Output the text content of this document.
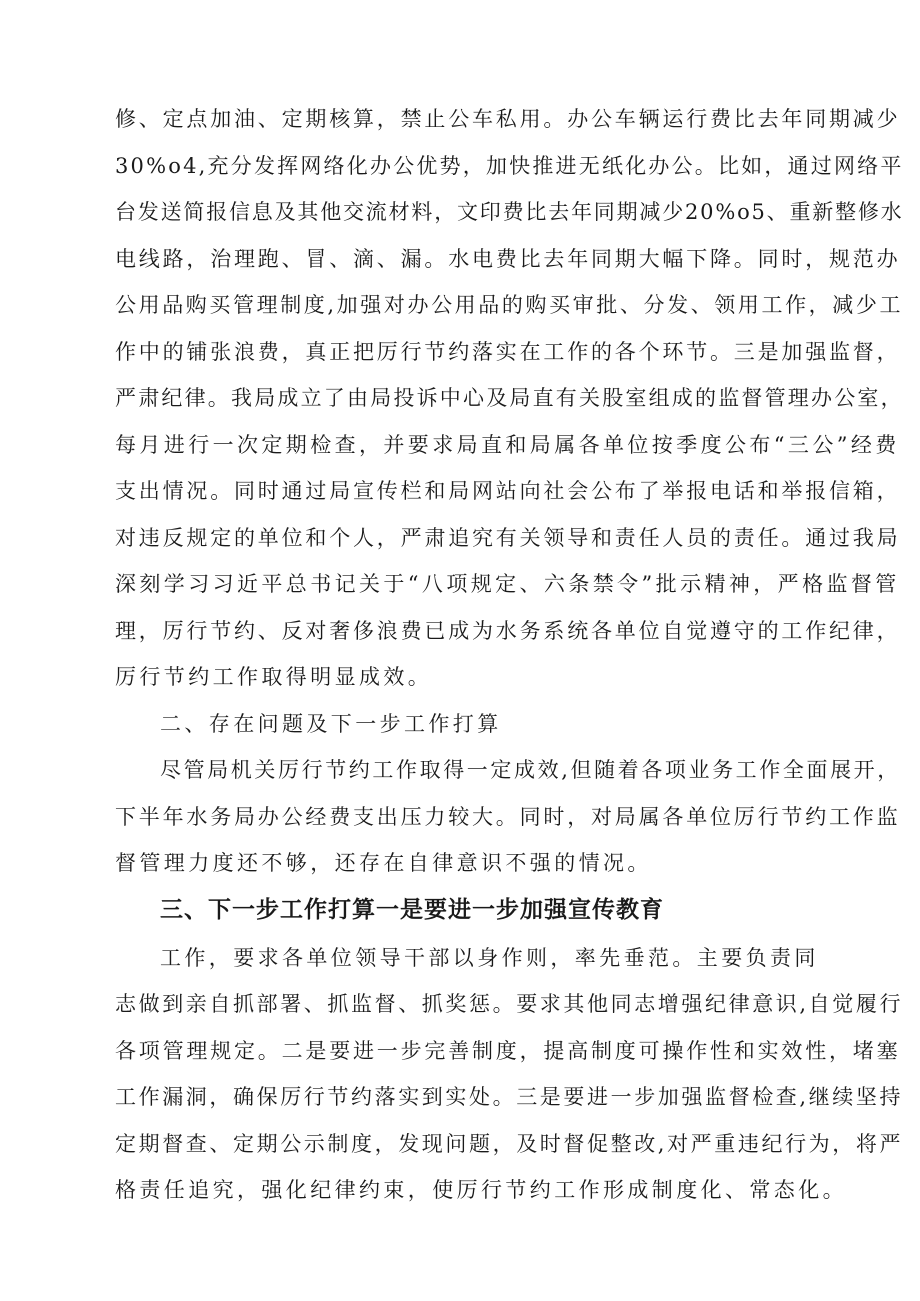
修、定点加油、定期核算，禁止公车私用。办公车辆运行费比去年同期减少
30%o4,充分发挥网络化办公优势，加快推进无纸化办公。比如，通过网络平
台发送简报信息及其他交流材料，文印费比去年同期减少20%o5、重新整修水
电线路，治理跑、冒、滴、漏。水电费比去年同期大幅下降。同时，规范办
公用品购买管理制度,加强对办公用品的购买审批、分发、领用工作，减少工
作中的铺张浪费，真正把厉行节约落实在工作的各个环节。三是加强监督，
严肃纪律。我局成立了由局投诉中心及局直有关股室组成的监督管理办公室，
每月进行一次定期检查，并要求局直和局属各单位按季度公布“三公”经费
支出情况。同时通过局宣传栏和局网站向社会公布了举报电话和举报信箱，
对违反规定的单位和个人，严肃追究有关领导和责任人员的责任。通过我局
深刻学习习近平总书记关于“八项规定、六条禁令”批示精神，严格监督管
理，厉行节约、反对奢侈浪费已成为水务系统各单位自觉遵守的工作纪律，
厉行节约工作取得明显成效。
二、存在问题及下一步工作打算
尽管局机关厉行节约工作取得一定成效,但随着各项业务工作全面展开，
下半年水务局办公经费支出压力较大。同时，对局属各单位厉行节约工作监
督管理力度还不够，还存在自律意识不强的情况。
三、下一步工作打算一是要进一步加强宣传教育
工作，要求各单位领导干部以身作则，率先垂范。主要负责同
志做到亲自抓部署、抓监督、抓奖惩。要求其他同志增强纪律意识,自觉履行
各项管理规定。二是要进一步完善制度，提高制度可操作性和实效性，堵塞
工作漏洞，确保厉行节约落实到实处。三是要进一步加强监督检查,继续坚持
定期督查、定期公示制度，发现问题，及时督促整改,对严重违纪行为，将严
格责任追究，强化纪律约束，使厉行节约工作形成制度化、常态化。
